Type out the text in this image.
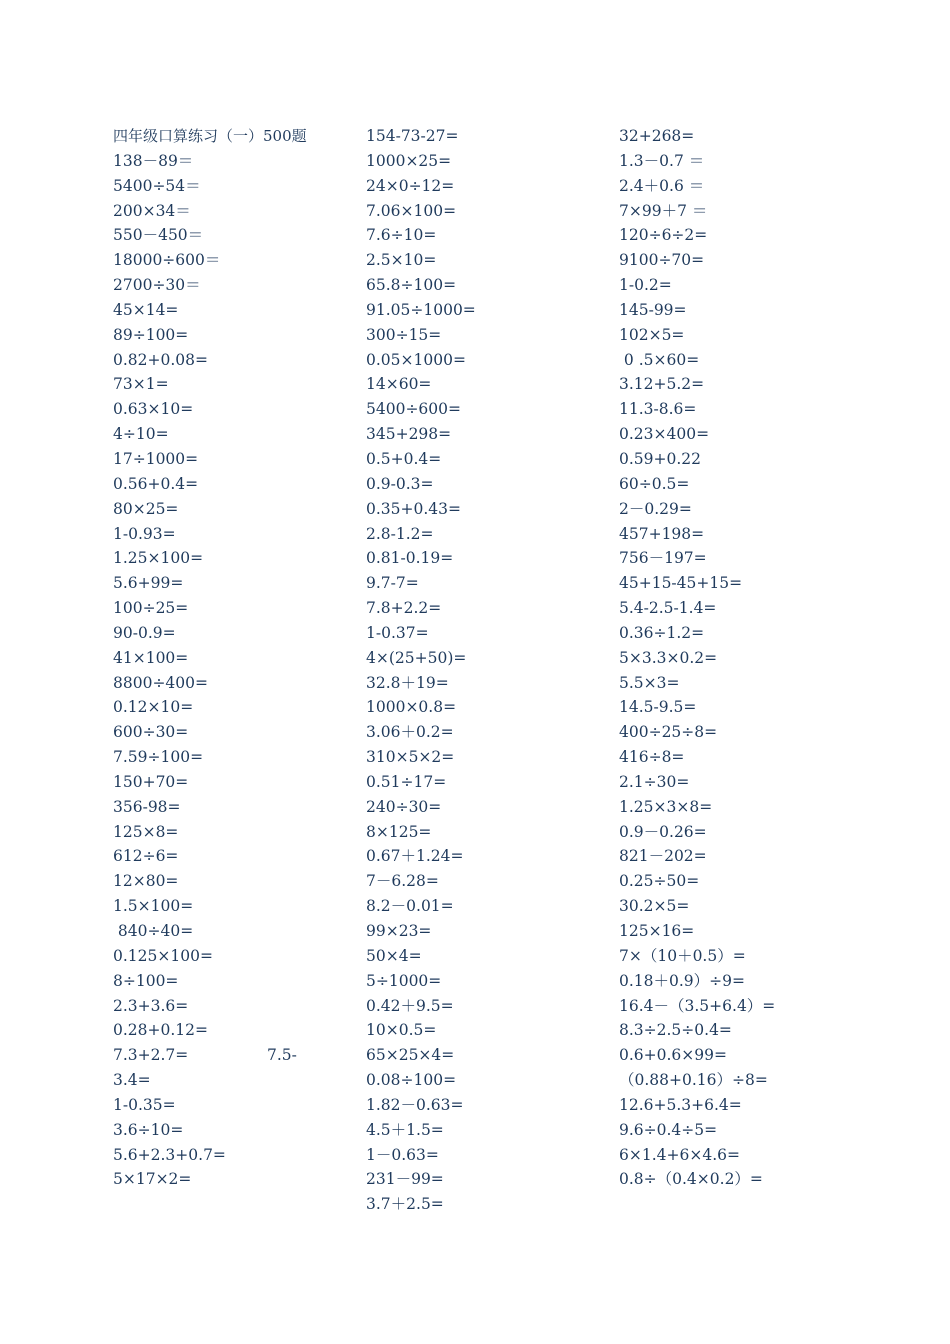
四年级口算练习（一）500题
138－89＝
5400÷54＝
200×34＝
550－450＝
18000÷600＝
2700÷30＝
45×14=
89÷100=
0.82+0.08=
73×1=
0.63×10=
4÷10=
17÷1000=
0.56+0.4=
80×25=
1-0.93=
1.25×100=
5.6+99=
100÷25=
90-0.9=
41×100=
8800÷400=
0.12×10=
600÷30=
7.59÷100=
150+70=
356-98=
125×8=
612÷6=
12×80=
1.5×100=
840÷40=
0.125×100=
8÷100=
2.3+3.6=
0.28+0.12=
7.3+2.7=	7.5-
3.4=
1-0.35=
3.6÷10=
5.6+2.3+0.7=
5×17×2=
154-73-27=
1000×25=
24×0÷12=
7.06×100=
7.6÷10=
2.5×10=
65.8÷100=
91.05÷1000=
300÷15=
0.05×1000=
14×60=
5400÷600=
345+298=
0.5+0.4=
0.9-0.3=
0.35+0.43=
2.8-1.2=
0.81-0.19=
9.7-7=
7.8+2.2=
1-0.37=
4×(25+50)=
32.8＋19=
1000×0.8=
3.06＋0.2=
310×5×2=
0.51÷17=
240÷30=
8×125=
0.67＋1.24=
7－6.28=
8.2－0.01=
99×23=
50×4=
5÷1000=
0.42＋9.5=
10×0.5=
65×25×4=
0.08÷100=
1.82－0.63=
4.5＋1.5=
1－0.63=
231－99=
3.7＋2.5=
32+268=
1.3－0.7 ＝
2.4＋0.6 ＝
7×99＋7 ＝
120÷6÷2=
9100÷70=
1-0.2=
145-99=
102×5=
0 .5×60=
3.12+5.2=
11.3-8.6=
0.23×400=
0.59+0.22
60÷0.5=
2－0.29=
457+198=
756－197=
45+15-45+15=
5.4-2.5-1.4=
0.36÷1.2=
5×3.3×0.2=
5.5×3=
14.5-9.5=
400÷25÷8=
416÷8=
2.1÷30=
1.25×3×8=
0.9－0.26=
821－202=
0.25÷50=
30.2×5=
125×16=
7×（10＋0.5）=
0.18＋0.9）÷9=
16.4－（3.5+6.4）=
8.3÷2.5÷0.4=
0.6+0.6×99=
（0.88+0.16）÷8=
12.6+5.3+6.4=
9.6÷0.4÷5=
6×1.4+6×4.6=
0.8÷（0.4×0.2）=
